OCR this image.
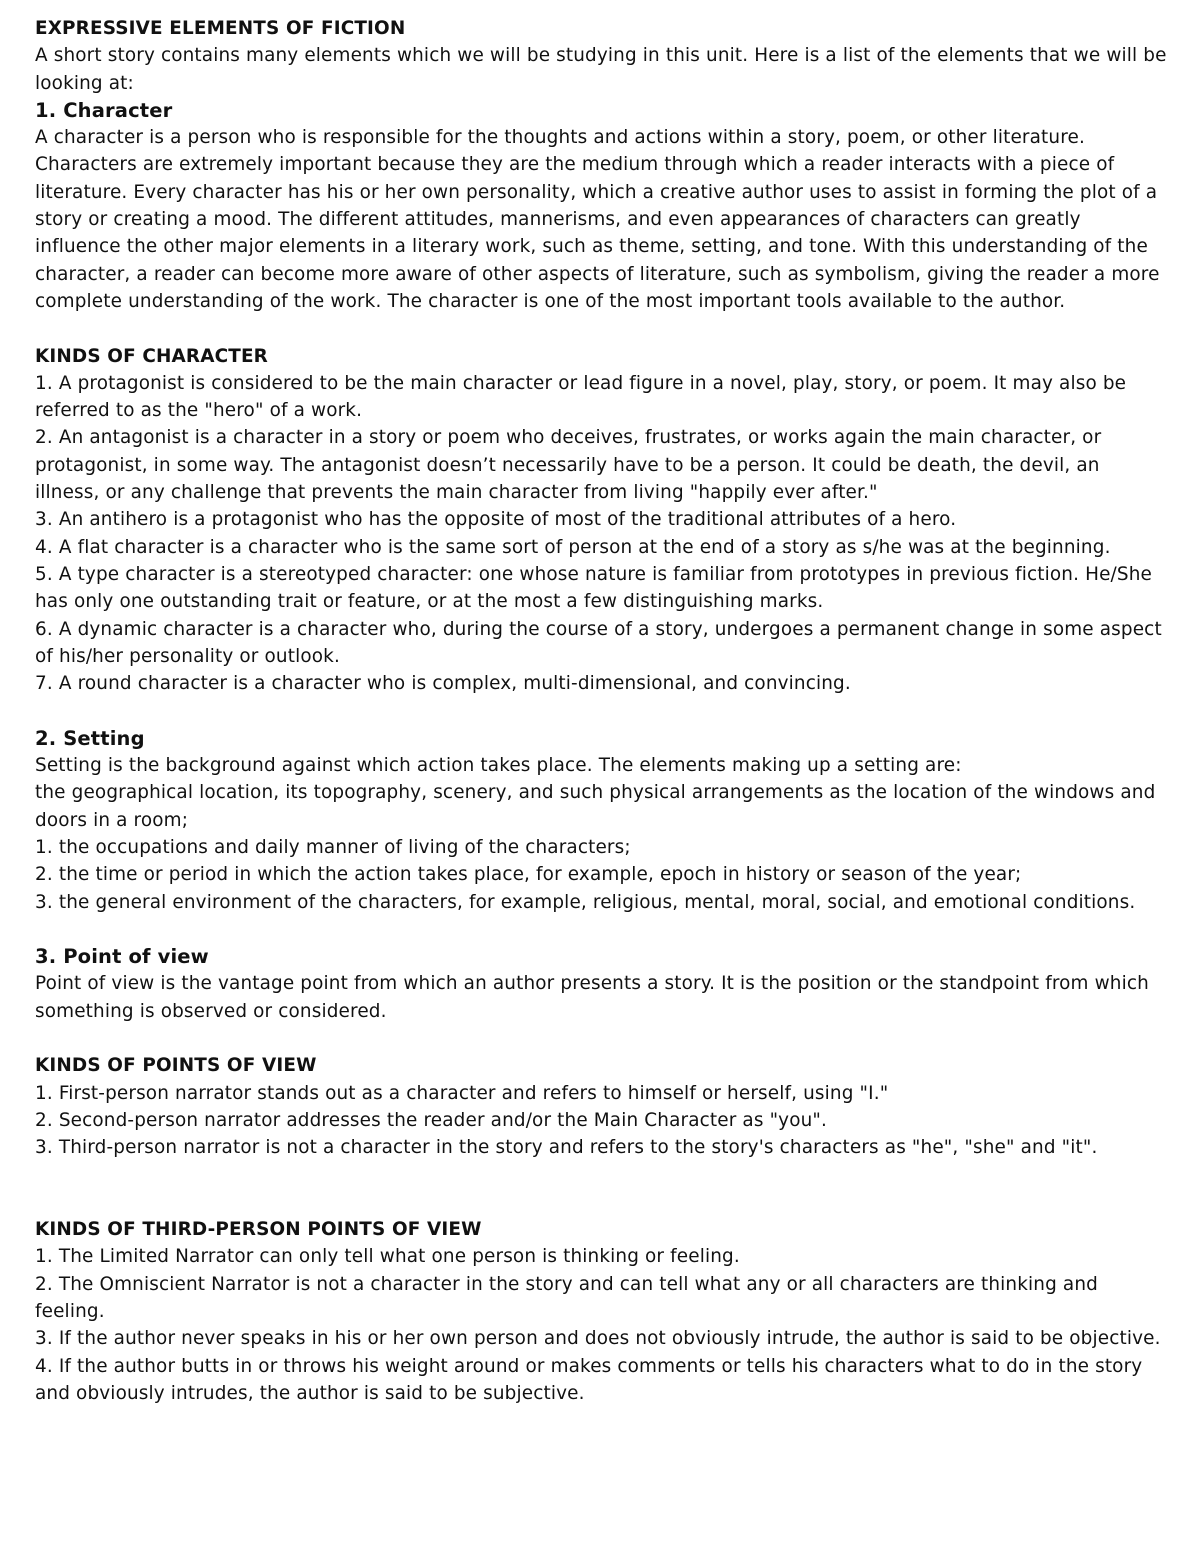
EXPRESSIVE ELEMENTS OF FICTION

A short story contains many elements which we will be studying in this unit. Here is a list of the elements that we will be looking at:

1. Character

A character is a person who is responsible for the thoughts and actions within a story, poem, or other literature. Characters are extremely important because they are the medium through which a reader interacts with a piece of literature. Every character has his or her own personality, which a creative author uses to assist in forming the plot of a story or creating a mood. The different attitudes, mannerisms, and even appearances of characters can greatly influence the other major elements in a literary work, such as theme, setting, and tone. With this understanding of the character, a reader can become more aware of other aspects of literature, such as symbolism, giving the reader a more complete understanding of the work. The character is one of the most important tools available to the author.

KINDS OF CHARACTER

1. A protagonist is considered to be the main character or lead figure in a novel, play, story, or poem. It may also be referred to as the "hero" of a work.

2. An antagonist is a character in a story or poem who deceives, frustrates, or works again the main character, or protagonist, in some way. The antagonist doesn’t necessarily have to be a person. It could be death, the devil, an illness, or any challenge that prevents the main character from living "happily ever after."

3. An antihero is a protagonist who has the opposite of most of the traditional attributes of a hero.

4. A flat character is a character who is the same sort of person at the end of a story as s/he was at the beginning.

5. A type character is a stereotyped character: one whose nature is familiar from prototypes in previous fiction. He/She has only one outstanding trait or feature, or at the most a few distinguishing marks.

6. A dynamic character is a character who, during the course of a story, undergoes a permanent change in some aspect of his/her personality or outlook.

7. A round character is a character who is complex, multi-dimensional, and convincing.

2. Setting

Setting is the background against which action takes place. The elements making up a setting are:

the geographical location, its topography, scenery, and such physical arrangements as the location of the windows and doors in a room;

1. the occupations and daily manner of living of the characters;

2. the time or period in which the action takes place, for example, epoch in history or season of the year;

3. the general environment of the characters, for example, religious, mental, moral, social, and emotional conditions.

3. Point of view

Point of view is the vantage point from which an author presents a story. It is the position or the standpoint from which something is observed or considered.

KINDS OF POINTS OF VIEW

1. First-person narrator stands out as a character and refers to himself or herself, using "I."

2. Second-person narrator addresses the reader and/or the Main Character as "you".

3. Third-person narrator is not a character in the story and refers to the story's characters as "he", "she" and "it".

KINDS OF THIRD-PERSON POINTS OF VIEW

1. The Limited Narrator can only tell what one person is thinking or feeling.

2. The Omniscient Narrator is not a character in the story and can tell what any or all characters are thinking and feeling.

3. If the author never speaks in his or her own person and does not obviously intrude, the author is said to be objective.

4. If the author butts in or throws his weight around or makes comments or tells his characters what to do in the story and obviously intrudes, the author is said to be subjective.
